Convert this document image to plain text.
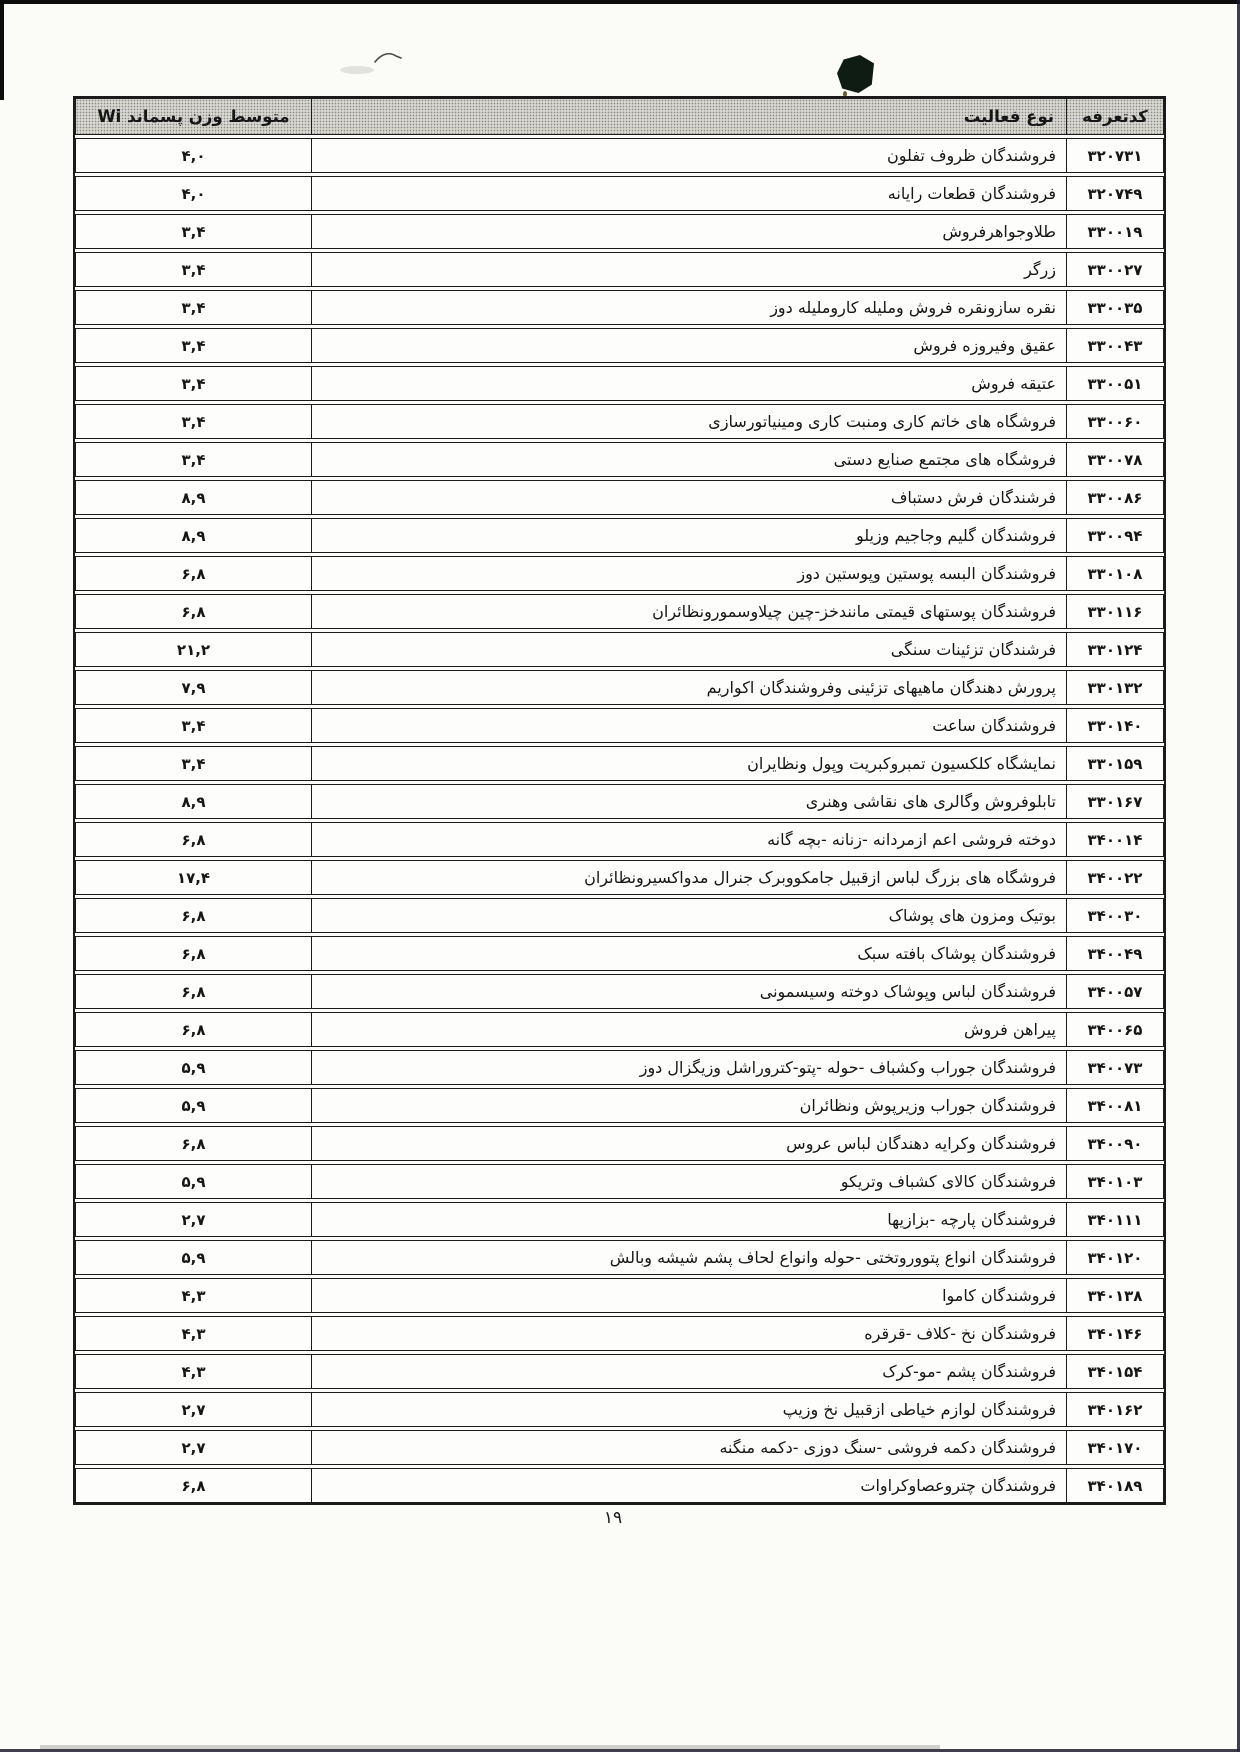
کدتعرفه
نوع فعالیت
متوسط وزن پسماند Wi
۳۲۰۷۳۱
فروشندگان ظروف تفلون
۴,۰
۳۲۰۷۴۹
فروشندگان قطعات رایانه
۴,۰
۳۳۰۰۱۹
طلاوجواهرفروش
۳,۴
۳۳۰۰۲۷
زرگر
۳,۴
۳۳۰۰۳۵
نقره سازونقره فروش وملیله کاروملیله دوز
۳,۴
۳۳۰۰۴۳
عقیق وفیروزه فروش
۳,۴
۳۳۰۰۵۱
عتیقه فروش
۳,۴
۳۳۰۰۶۰
فروشگاه های خاتم کاری ومنبت کاری ومینیاتورسازی
۳,۴
۳۳۰۰۷۸
فروشگاه های مجتمع صنایع دستی
۳,۴
۳۳۰۰۸۶
فرشندگان فرش دستباف
۸,۹
۳۳۰۰۹۴
فروشندگان گلیم وجاجیم وزیلو
۸,۹
۳۳۰۱۰۸
فروشندگان البسه پوستین وپوستین دوز
۶,۸
۳۳۰۱۱۶
فروشندگان پوستهای قیمتی مانندخز-چین چیلاوسمورونظائران
۶,۸
۳۳۰۱۲۴
فرشندگان تزئینات سنگی
۲۱,۲
۳۳۰۱۳۲
پرورش دهندگان ماهیهای تزئینی وفروشندگان اکواریم
۷,۹
۳۳۰۱۴۰
فروشندگان ساعت
۳,۴
۳۳۰۱۵۹
نمایشگاه کلکسیون تمبروکبریت وپول ونظایران
۳,۴
۳۳۰۱۶۷
تابلوفروش وگالری های نقاشی وهنری
۸,۹
۳۴۰۰۱۴
دوخته فروشی اعم ازمردانه -زنانه -بچه گانه
۶,۸
۳۴۰۰۲۲
فروشگاه های بزرگ لباس ازقبیل جامکووبرک جنرال مدواکسیرونظائران
۱۷,۴
۳۴۰۰۳۰
بوتیک ومزون های پوشاک
۶,۸
۳۴۰۰۴۹
فروشندگان پوشاک بافته سبک
۶,۸
۳۴۰۰۵۷
فروشندگان لباس وپوشاک دوخته وسیسمونی
۶,۸
۳۴۰۰۶۵
پیراهن فروش
۶,۸
۳۴۰۰۷۳
فروشندگان جوراب وکشباف -حوله -پتو-کتروراشل وزیگزال دوز
۵,۹
۳۴۰۰۸۱
فروشندگان جوراب وزیرپوش ونظائران
۵,۹
۳۴۰۰۹۰
فروشندگان وکرایه دهندگان لباس عروس
۶,۸
۳۴۰۱۰۳
فروشندگان کالای کشباف وتریکو
۵,۹
۳۴۰۱۱۱
فروشندگان پارچه -بزازیها
۲,۷
۳۴۰۱۲۰
فروشندگان انواع پتووروتختی -حوله وانواع لحاف پشم شیشه وبالش
۵,۹
۳۴۰۱۳۸
فروشندگان کاموا
۴,۳
۳۴۰۱۴۶
فروشندگان نخ -کلاف -قرقره
۴,۳
۳۴۰۱۵۴
فروشندگان پشم -مو-کرک
۴,۳
۳۴۰۱۶۲
فروشندگان لوازم خیاطی ازقبیل نخ وزیپ
۲,۷
۳۴۰۱۷۰
فروشندگان دکمه فروشی -سنگ دوزی -دکمه منگنه
۲,۷
۳۴۰۱۸۹
فروشندگان چتروعصاوکراوات
۶,۸
۱۹
